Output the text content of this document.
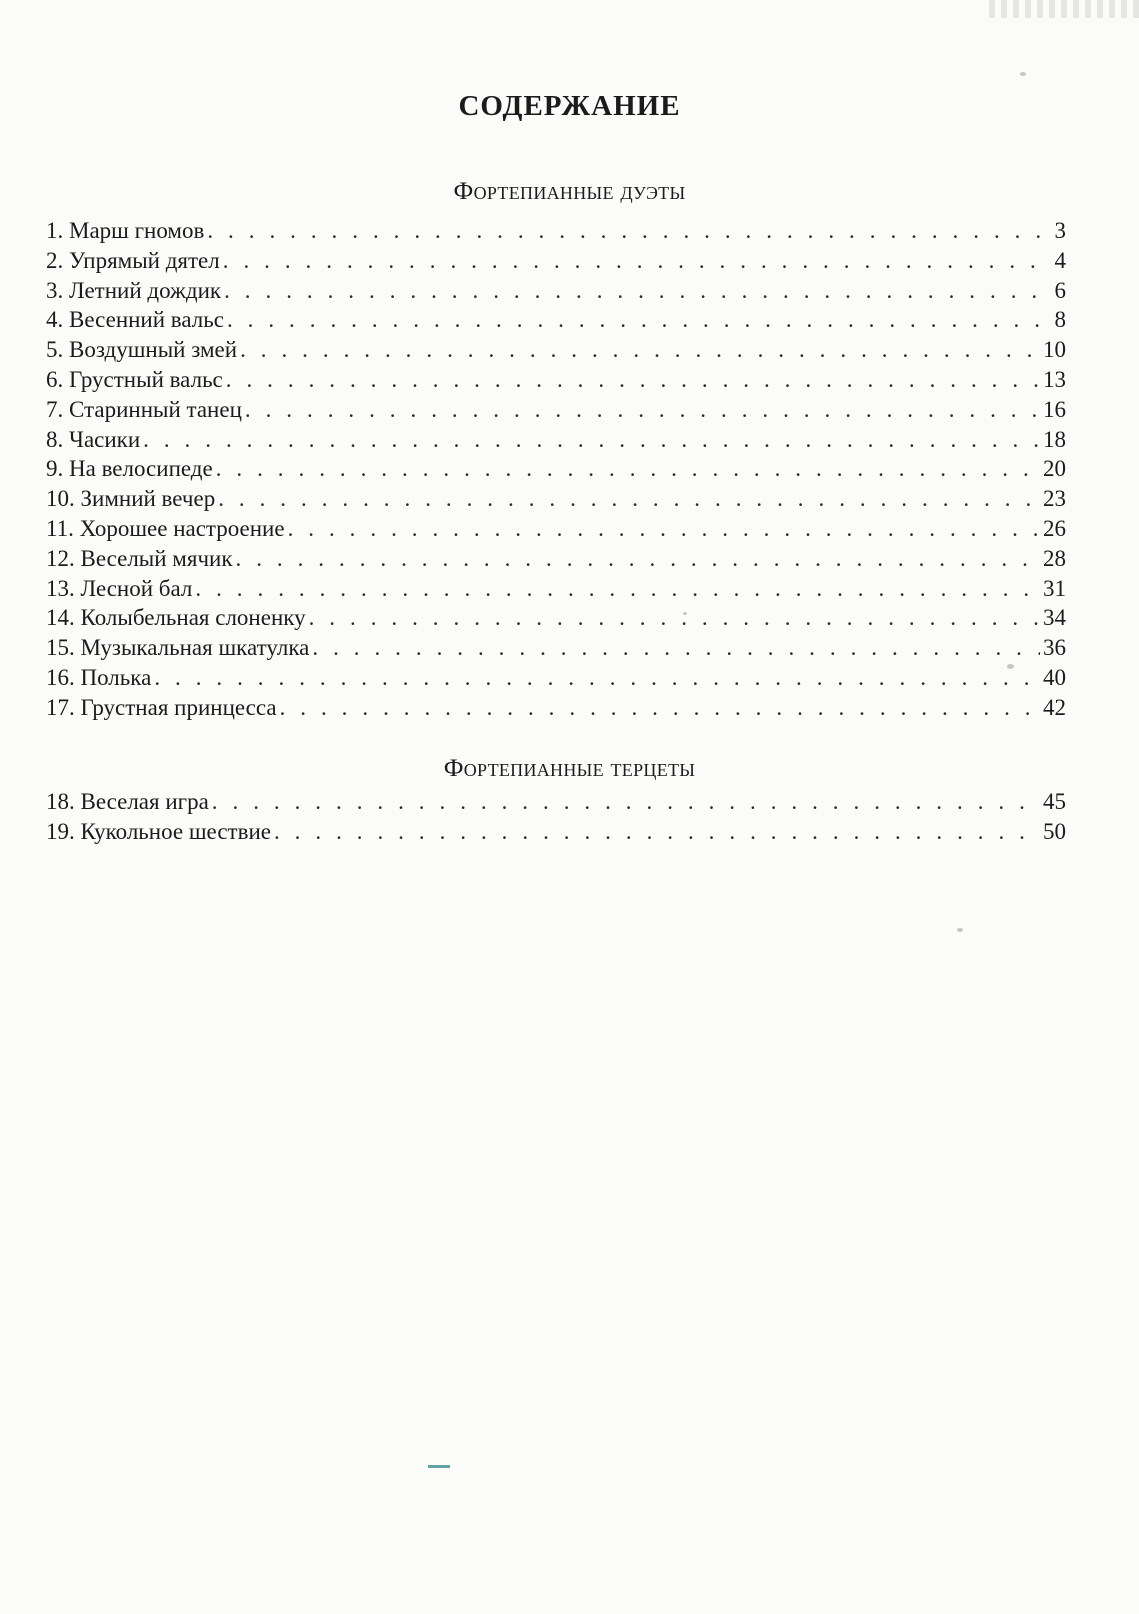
СОДЕРЖАНИЕ
Фортепианные дуэты
1.
Марш гномов . . .	3
2.
Упрямый дятел . . .	4
3.
Летний дождик . . .	6
4.
Весенний вальс . . .	8
5.
Воздушный змей . . .	10
6.
Грустный вальс . . .	13
7.
Старинный танец . . .	16
8.
Часики . . .	18
9.
На велосипеде . . .	20
10.
Зимний вечер . . .	23
11.
Хорошее настроение . . .	26
12.
Веселый мячик . . .	28
13.
Лесной бал . . .	31
14.
Колыбельная слоненку . . .	34
15.
Музыкальная шкатулка . . .	36
16.
Полька . . .	40
17.
Грустная принцесса . . .	42
Фортепианные терцеты
18.
Веселая игра . . .	45
19.
Кукольное шествие . . .	50
